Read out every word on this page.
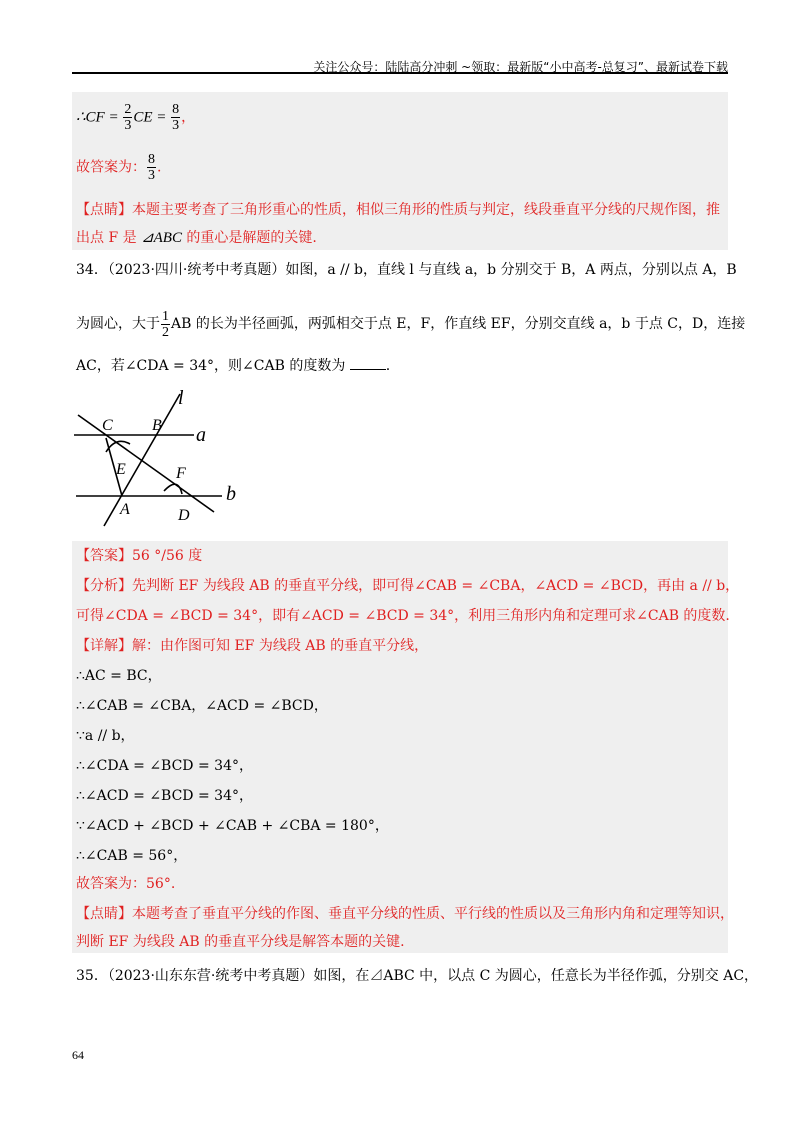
关注公众号：陆陆高分冲刺 ~领取：最新版“小中高考-总复习”、最新试卷下载
∴CF = $\frac{2}{3}$ CE = $\frac{8}{3}$ ，
故答案为： $\frac{8}{3}$ .
【点睛】本题主要考查了三角形重心的性质，相似三角形的性质与判定，线段垂直平分线的尺规作图，推
出点 F 是 ⊿ABC 的重心是解题的关键.
34．（2023·四川·统考中考真题）如图，a // b，直线 l 与直线 a，b 分别交于 B，A 两点，分别以点 A，B
为圆心，大于 $\frac{1}{2}$ AB 的长为半径画弧，两弧相交于点 E，F，作直线 EF，分别交直线 a，b 于点 C，D，连接
AC，若∠CDA = 34°，则∠CAB 的度数为	.
l
a
b
C B
E	F
A	D
【答案】56 °/56 度
【分析】先判断 EF 为线段 AB 的垂直平分线，即可得∠CAB = ∠CBA，∠ACD = ∠BCD，再由 a // b，
可得∠CDA = ∠BCD = 34°，即有∠ACD = ∠BCD = 34°，利用三角形内角和定理可求∠CAB 的度数.
【详解】解：由作图可知 EF 为线段 AB 的垂直平分线，
∴AC = BC，
∴∠CAB = ∠CBA，∠ACD = ∠BCD，
∵a // b，
∴∠CDA = ∠BCD = 34°，
∴∠ACD = ∠BCD = 34°，
∵∠ACD + ∠BCD + ∠CAB + ∠CBA = 180°，
∴∠CAB = 56°，
故答案为：56°.
【点睛】本题考查了垂直平分线的作图、垂直平分线的性质、平行线的性质以及三角形内角和定理等知识，
判断 EF 为线段 AB 的垂直平分线是解答本题的关键.
35．（2023·山东东营·统考中考真题）如图，在⊿ABC 中，以点 C 为圆心，任意长为半径作弧，分别交 AC，
64
